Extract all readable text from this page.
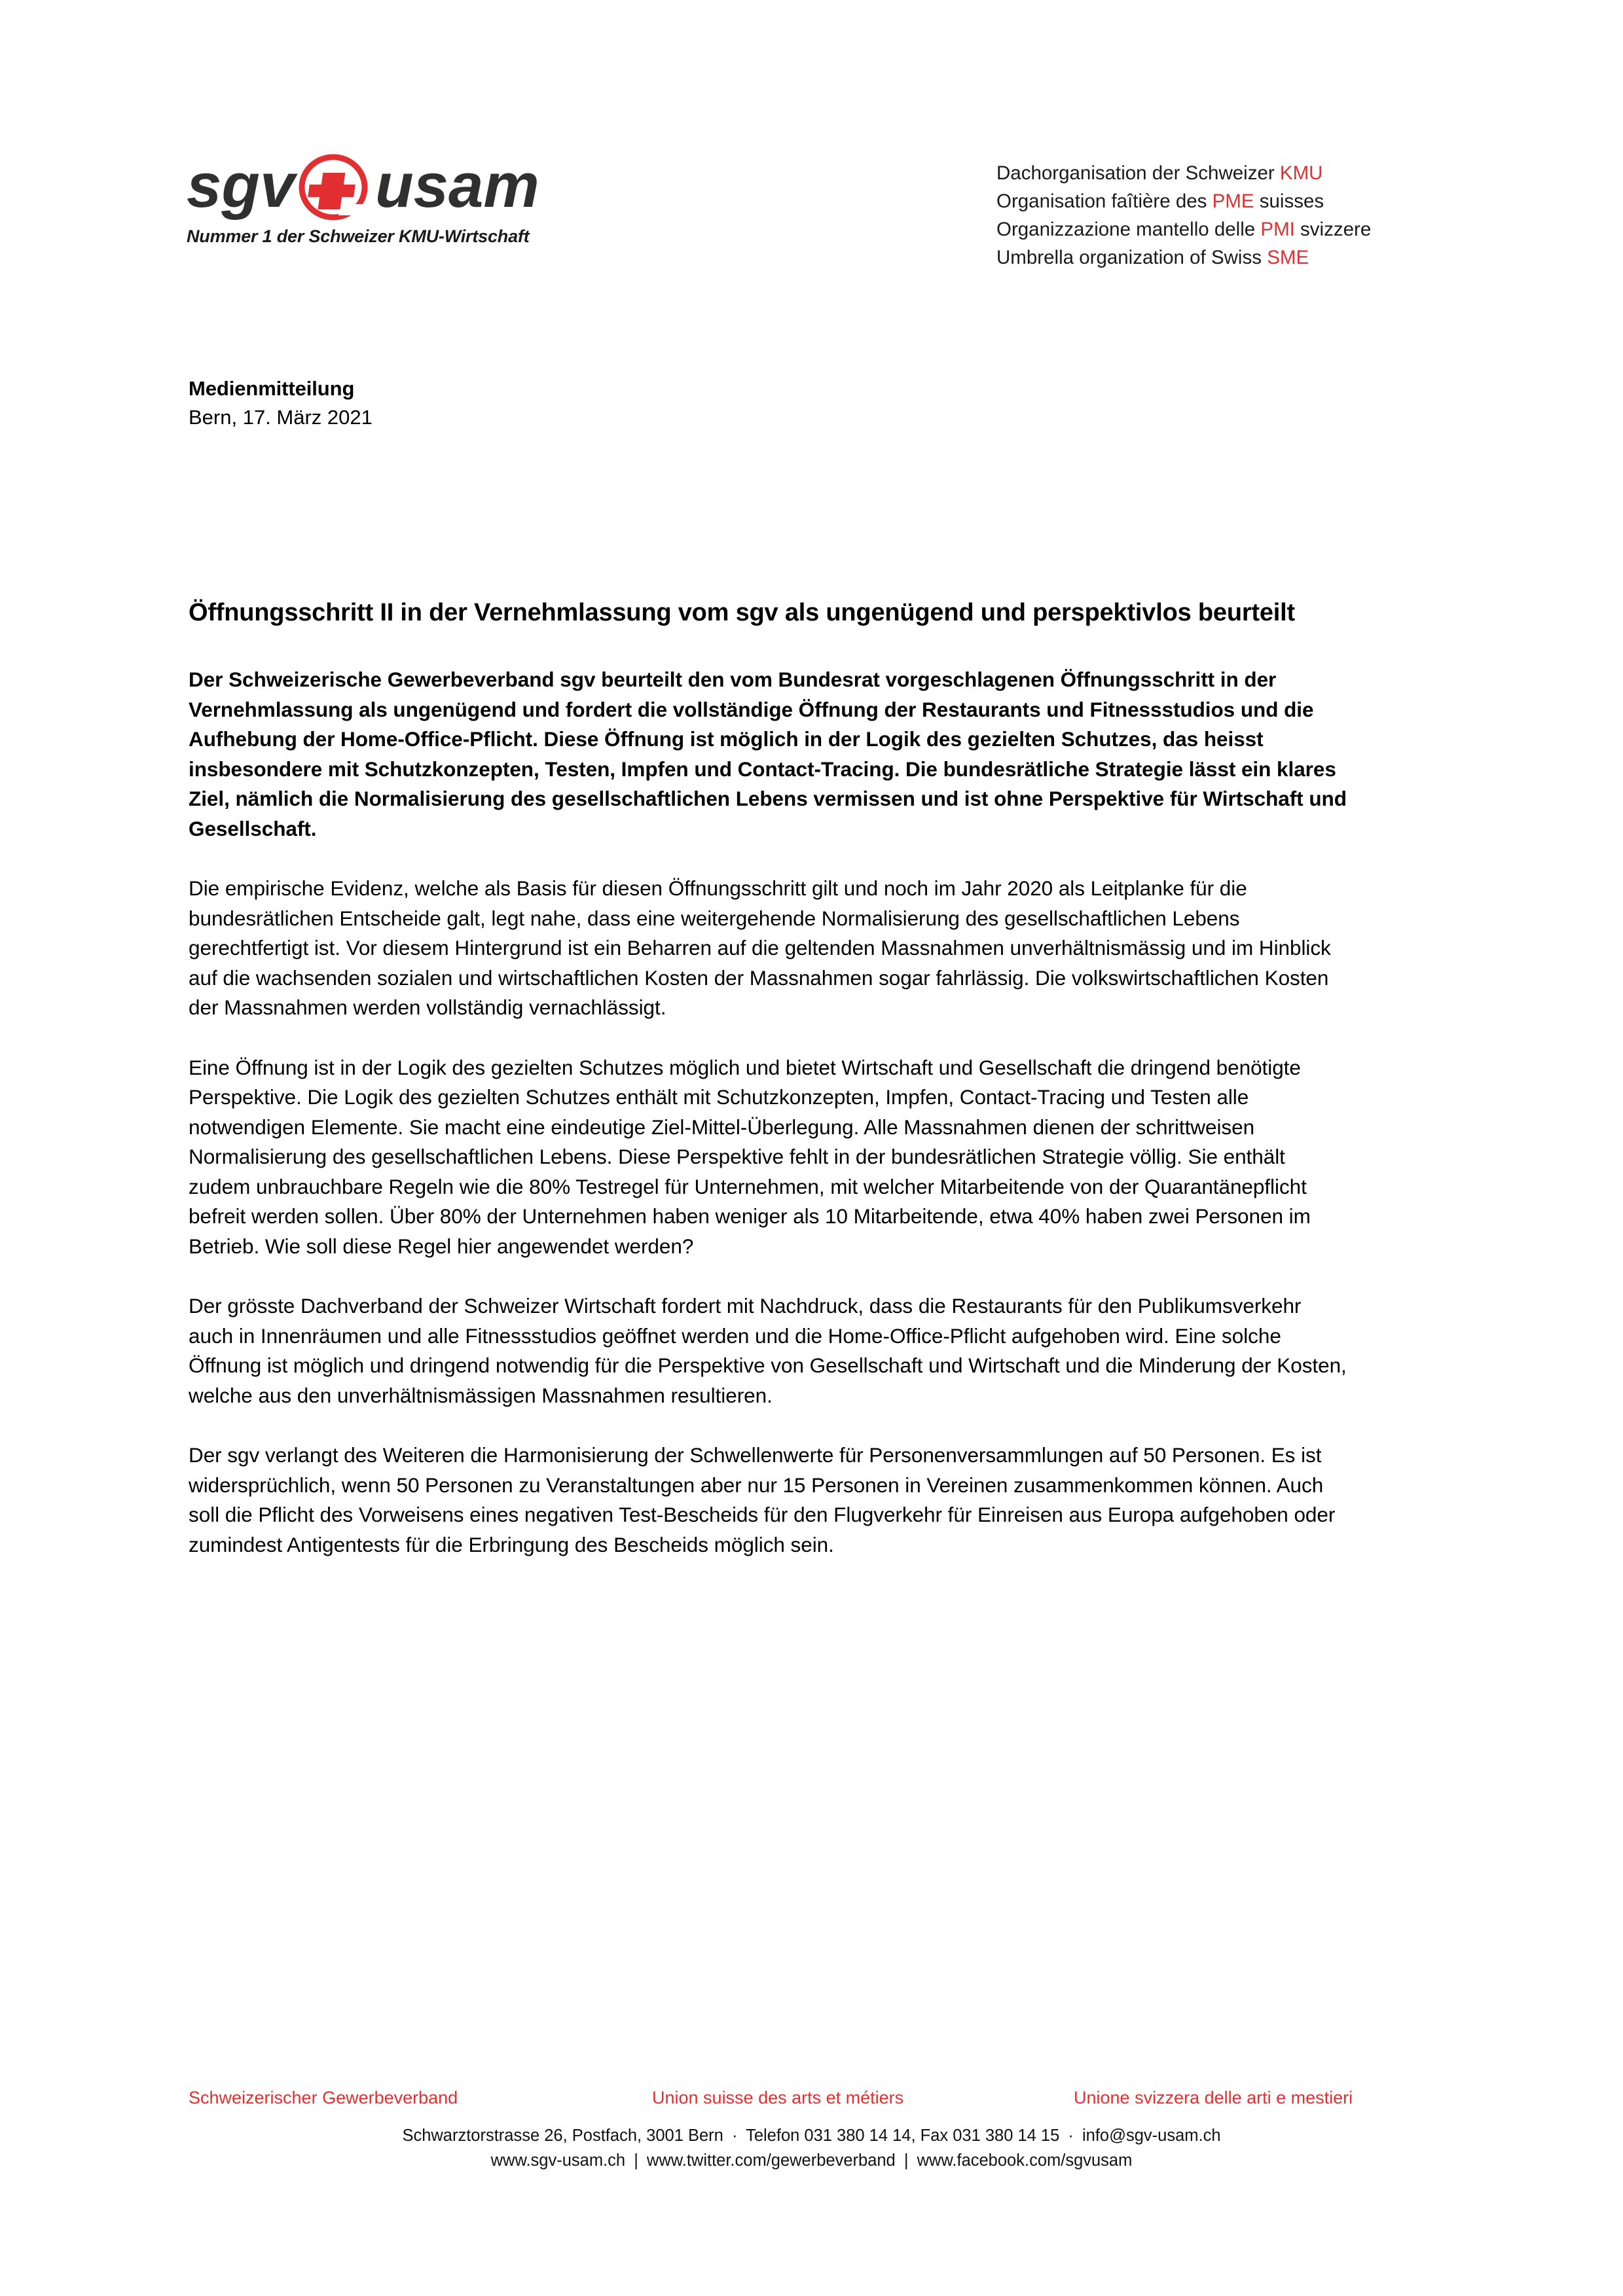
sgv usam
Nummer 1 der Schweizer KMU-Wirtschaft
Dachorganisation der Schweizer KMU
Organisation faîtière des PME suisses
Organizzazione mantello delle PMI svizzere
Umbrella organization of Swiss SME
Medienmitteilung
Bern, 17. März 2021
Öffnungsschritt II in der Vernehmlassung vom sgv als ungenügend und perspektivlos beurteilt

Der Schweizerische Gewerbeverband sgv beurteilt den vom Bundesrat vorgeschlagenen Öffnungsschritt in der Vernehmlassung als ungenügend und fordert die vollständige Öffnung der Restaurants und Fitnessstudios und die Aufhebung der Home-Office-Pflicht. Diese Öffnung ist möglich in der Logik des gezielten Schutzes, das heisst insbesondere mit Schutzkonzepten, Testen, Impfen und Contact-Tracing. Die bundesrätliche Strategie lässt ein klares Ziel, nämlich die Normalisierung des gesellschaftlichen Lebens vermissen und ist ohne Perspektive für Wirtschaft und Gesellschaft.

Die empirische Evidenz, welche als Basis für diesen Öffnungsschritt gilt und noch im Jahr 2020 als Leitplanke für die bundesrätlichen Entscheide galt, legt nahe, dass eine weitergehende Normalisierung des gesellschaftlichen Lebens gerechtfertigt ist. Vor diesem Hintergrund ist ein Beharren auf die geltenden Massnahmen unverhältnismässig und im Hinblick auf die wachsenden sozialen und wirtschaftlichen Kosten der Massnahmen sogar fahrlässig. Die volkswirtschaftlichen Kosten der Massnahmen werden vollständig vernachlässigt.

Eine Öffnung ist in der Logik des gezielten Schutzes möglich und bietet Wirtschaft und Gesellschaft die dringend benötigte Perspektive. Die Logik des gezielten Schutzes enthält mit Schutzkonzepten, Impfen, Contact-Tracing und Testen alle notwendigen Elemente. Sie macht eine eindeutige Ziel-Mittel-Überlegung. Alle Massnahmen dienen der schrittweisen Normalisierung des gesellschaftlichen Lebens. Diese Perspektive fehlt in der bundesrätlichen Strategie völlig. Sie enthält zudem unbrauchbare Regeln wie die 80% Testregel für Unternehmen, mit welcher Mitarbeitende von der Quarantänepflicht befreit werden sollen. Über 80% der Unternehmen haben weniger als 10 Mitarbeitende, etwa 40% haben zwei Personen im Betrieb. Wie soll diese Regel hier angewendet werden?

Der grösste Dachverband der Schweizer Wirtschaft fordert mit Nachdruck, dass die Restaurants für den Publikumsverkehr auch in Innenräumen und alle Fitnessstudios geöffnet werden und die Home-Office-Pflicht aufgehoben wird. Eine solche Öffnung ist möglich und dringend notwendig für die Perspektive von Gesellschaft und Wirtschaft und die Minderung der Kosten, welche aus den unverhältnismässigen Massnahmen resultieren.

Der sgv verlangt des Weiteren die Harmonisierung der Schwellenwerte für Personenversammlungen auf 50 Personen. Es ist widersprüchlich, wenn 50 Personen zu Veranstaltungen aber nur 15 Personen in Vereinen zusammenkommen können. Auch soll die Pflicht des Vorweisens eines negativen Test-Bescheids für den Flugverkehr für Einreisen aus Europa aufgehoben oder zumindest Antigentests für die Erbringung des Bescheids möglich sein.

Schweizerischer Gewerbeverband	Union suisse des arts et métiers	Unione svizzera delle arti e mestieri
Schwarztorstrasse 26, Postfach, 3001 Bern · Telefon 031 380 14 14, Fax 031 380 14 15 · info@sgv-usam.ch
www.sgv-usam.ch | www.twitter.com/gewerbeverband | www.facebook.com/sgvusam
